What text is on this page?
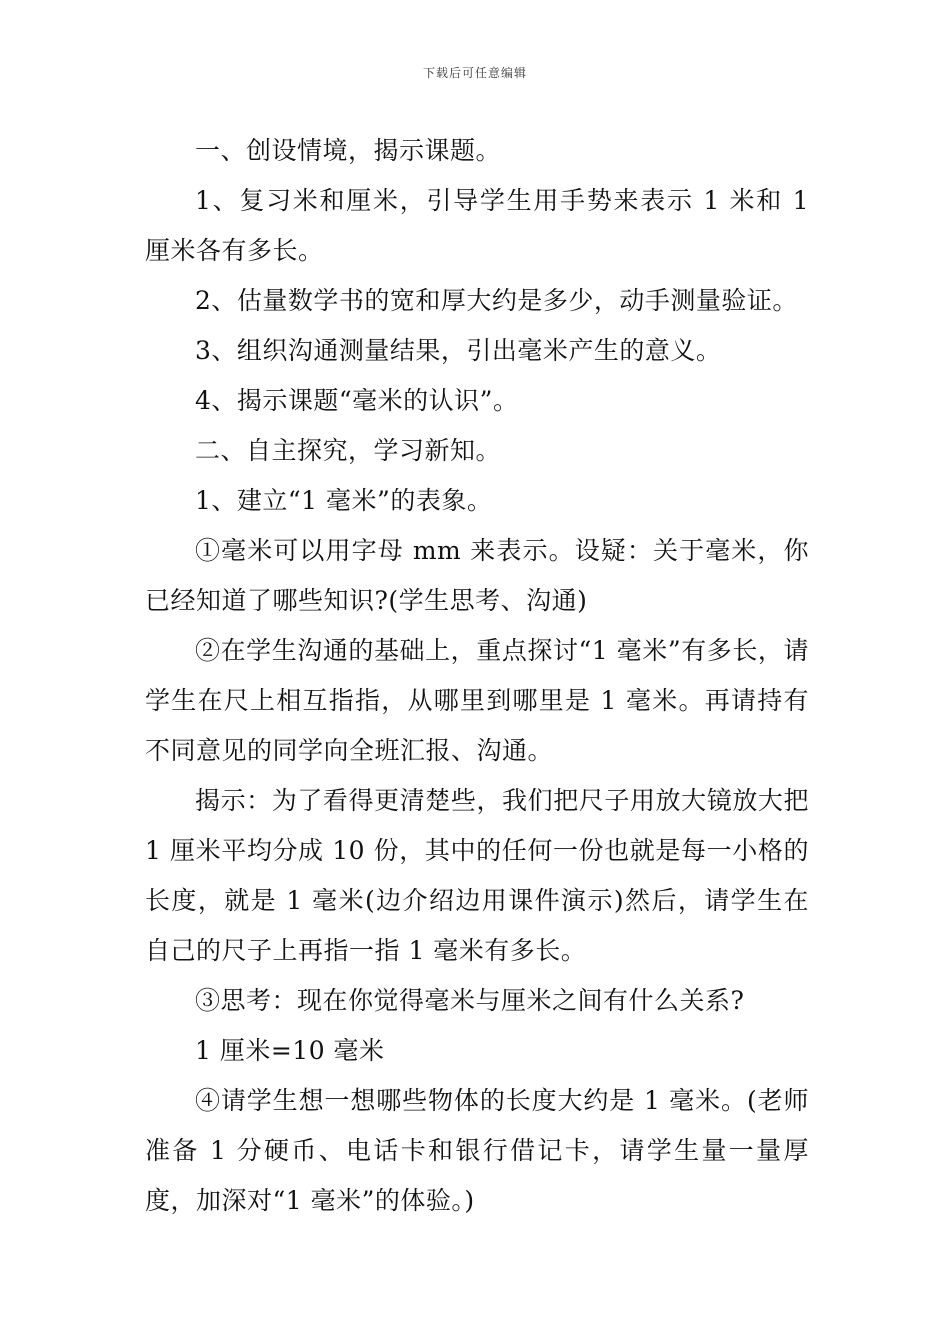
下载后可任意编辑

一、创设情境，揭示课题。

1、复习米和厘米，引导学生用手势来表示 1 米和 1 厘米各有多长。

2、估量数学书的宽和厚大约是多少，动手测量验证。

3、组织沟通测量结果，引出毫米产生的意义。

4、揭示课题“毫米的认识”。

二、自主探究，学习新知。

1、建立“1 毫米”的表象。

①毫米可以用字母 mm 来表示。设疑：关于毫米，你已经知道了哪些知识?(学生思考、沟通)

②在学生沟通的基础上，重点探讨“1 毫米”有多长，请学生在尺上相互指指，从哪里到哪里是 1 毫米。再请持有不同意见的同学向全班汇报、沟通。

揭示：为了看得更清楚些，我们把尺子用放大镜放大把 1 厘米平均分成 10 份，其中的任何一份也就是每一小格的长度，就是 1 毫米(边介绍边用课件演示)然后，请学生在自己的尺子上再指一指 1 毫米有多长。

③思考：现在你觉得毫米与厘米之间有什么关系?

1 厘米=10 毫米

④请学生想一想哪些物体的长度大约是 1 毫米。(老师准备 1 分硬币、电话卡和银行借记卡，请学生量一量厚度，加深对“1 毫米”的体验。)
